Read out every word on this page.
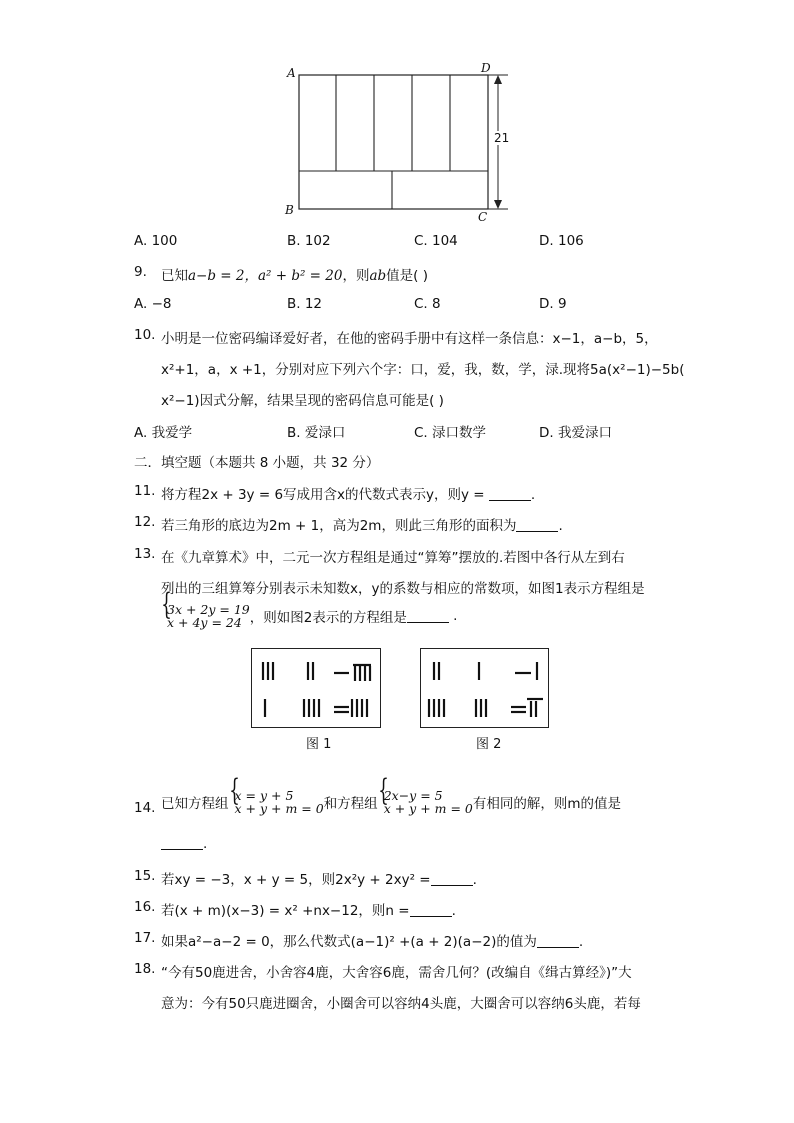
A	D
B	C
21
A. 100	B. 102	C. 104	D. 106
9. 已知a−b = 2，a² + b² = 20，则ab值是( )
A. −8	B. 12	C. 8	D. 9
10. 小明是一位密码编译爱好者，在他的密码手册中有这样一条信息：x−1，a−b，5，
x²+1，a，x +1，分别对应下列六个字：口，爱，我，数，学，渌.现将5a(x²−1)−5b(
x²−1)因式分解，结果呈现的密码信息可能是( )
A. 我爱学	B. 爱渌口	C. 渌口数学	D. 我爱渌口
二．填空题（本题共 8 小题，共 32 分）
11. 将方程2x + 3y = 6写成用含x的代数式表示y，则y =	.
12. 若三角形的底边为2m + 1，高为2m，则此三角形的面积为	.
13. 在《九章算术》中，二元一次方程组是通过“算筹”摆放的.若图中各行从左到右
列出的三组算筹分别表示未知数x，y的系数与相应的常数项，如图1表示方程组是
{ 3x + 2y = 19
x + 4y = 24 ，则如图2表示的方程组是	.
图 1	图 2
14. 已知方程组
{ x = y + 5
x + y + m = 0 和方程组
{ 2x−y = 5
x + y + m = 0 有相同的解，则m的值是
.
15. 若xy = −3，x + y = 5，则2x²y + 2xy² =	.
16. 若(x + m)(x−3) = x² +nx−12，则n =	.
17. 如果a²−a−2 = 0，那么代数式(a−1)² +(a + 2)(a−2)的值为	.
18. “今有50鹿进舍，小舍容4鹿，大舍容6鹿，需舍几何？(改编自《缉古算经》)”大
意为：今有50只鹿进圈舍，小圈舍可以容纳4头鹿，大圈舍可以容纳6头鹿，若每
